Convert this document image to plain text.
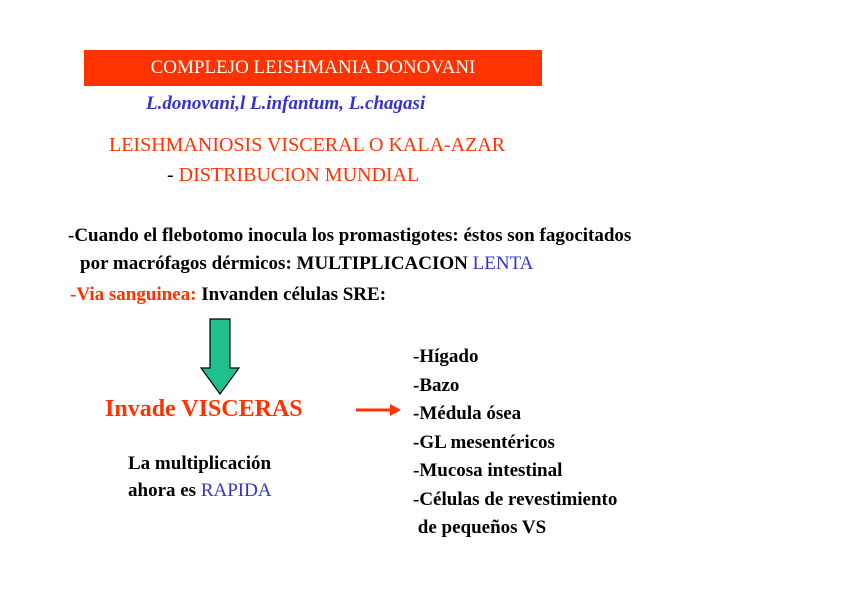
COMPLEJO LEISHMANIA DONOVANI
L.donovani,l L.infantum, L.chagasi
LEISHMANIOSIS VISCERAL O KALA-AZAR
- DISTRIBUCION MUNDIAL
-Cuando el flebotomo inocula los promastigotes: éstos son fagocitados
por macrófagos dérmicos: MULTIPLICACION LENTA
-Via sanguinea: Invanden células SRE:
Invade VISCERAS
La multiplicación
ahora es RAPIDA
-Hígado
-Bazo
-Médula ósea
-GL mesentéricos
-Mucosa intestinal
-Células de revestimiento
de pequeños VS
